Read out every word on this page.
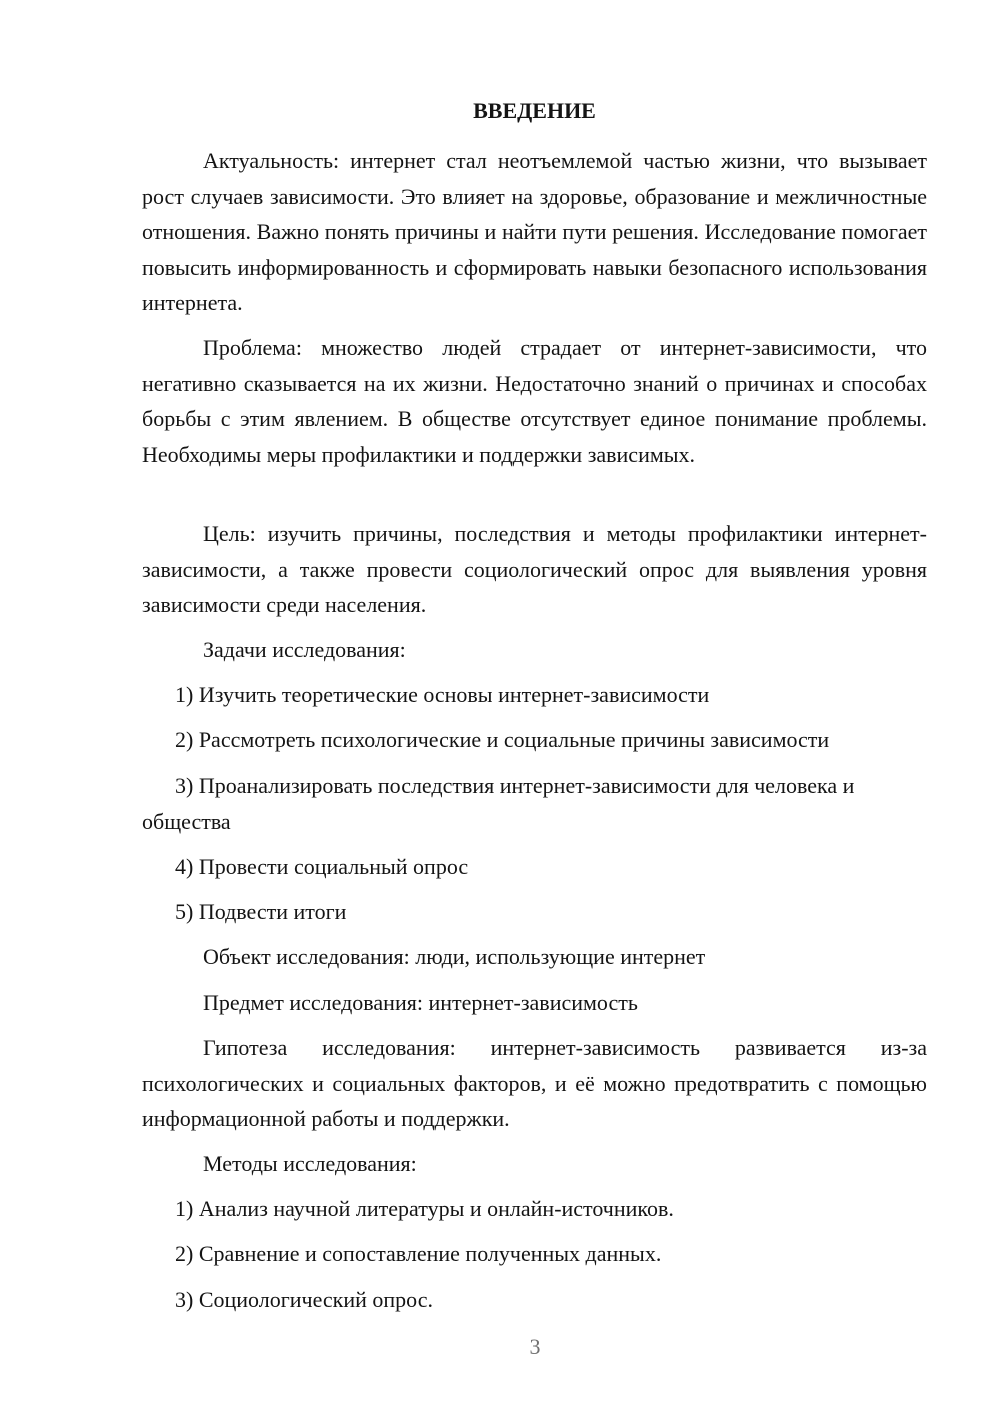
ВВЕДЕНИЕ

Актуальность: интернет стал неотъемлемой частью жизни, что вызывает рост случаев зависимости. Это влияет на здоровье, образование и межличностные отношения. Важно понять причины и найти пути решения. Исследование помогает повысить информированность и сформировать навыки безопасного использования интернета.

Проблема: множество людей страдает от интернет-зависимости, что негативно сказывается на их жизни. Недостаточно знаний о причинах и способах борьбы с этим явлением. В обществе отсутствует единое понимание проблемы. Необходимы меры профилактики и поддержки зависимых.

Цель: изучить причины, последствия и методы профилактики интернет-зависимости, а также провести социологический опрос для выявления уровня зависимости среди населения.

Задачи исследования:

1) Изучить теоретические основы интернет-зависимости

2) Рассмотреть психологические и социальные причины зависимости

3) Проанализировать последствия интернет-зависимости для человека и общества

4) Провести социальный опрос

5) Подвести итоги

Объект исследования: люди, использующие интернет

Предмет исследования: интернет-зависимость

Гипотеза исследования: интернет-зависимость развивается из-за психологических и социальных факторов, и её можно предотвратить с помощью информационной работы и поддержки.

Методы исследования:

1) Анализ научной литературы и онлайн-источников.

2) Сравнение и сопоставление полученных данных.

3) Социологический опрос.

3
